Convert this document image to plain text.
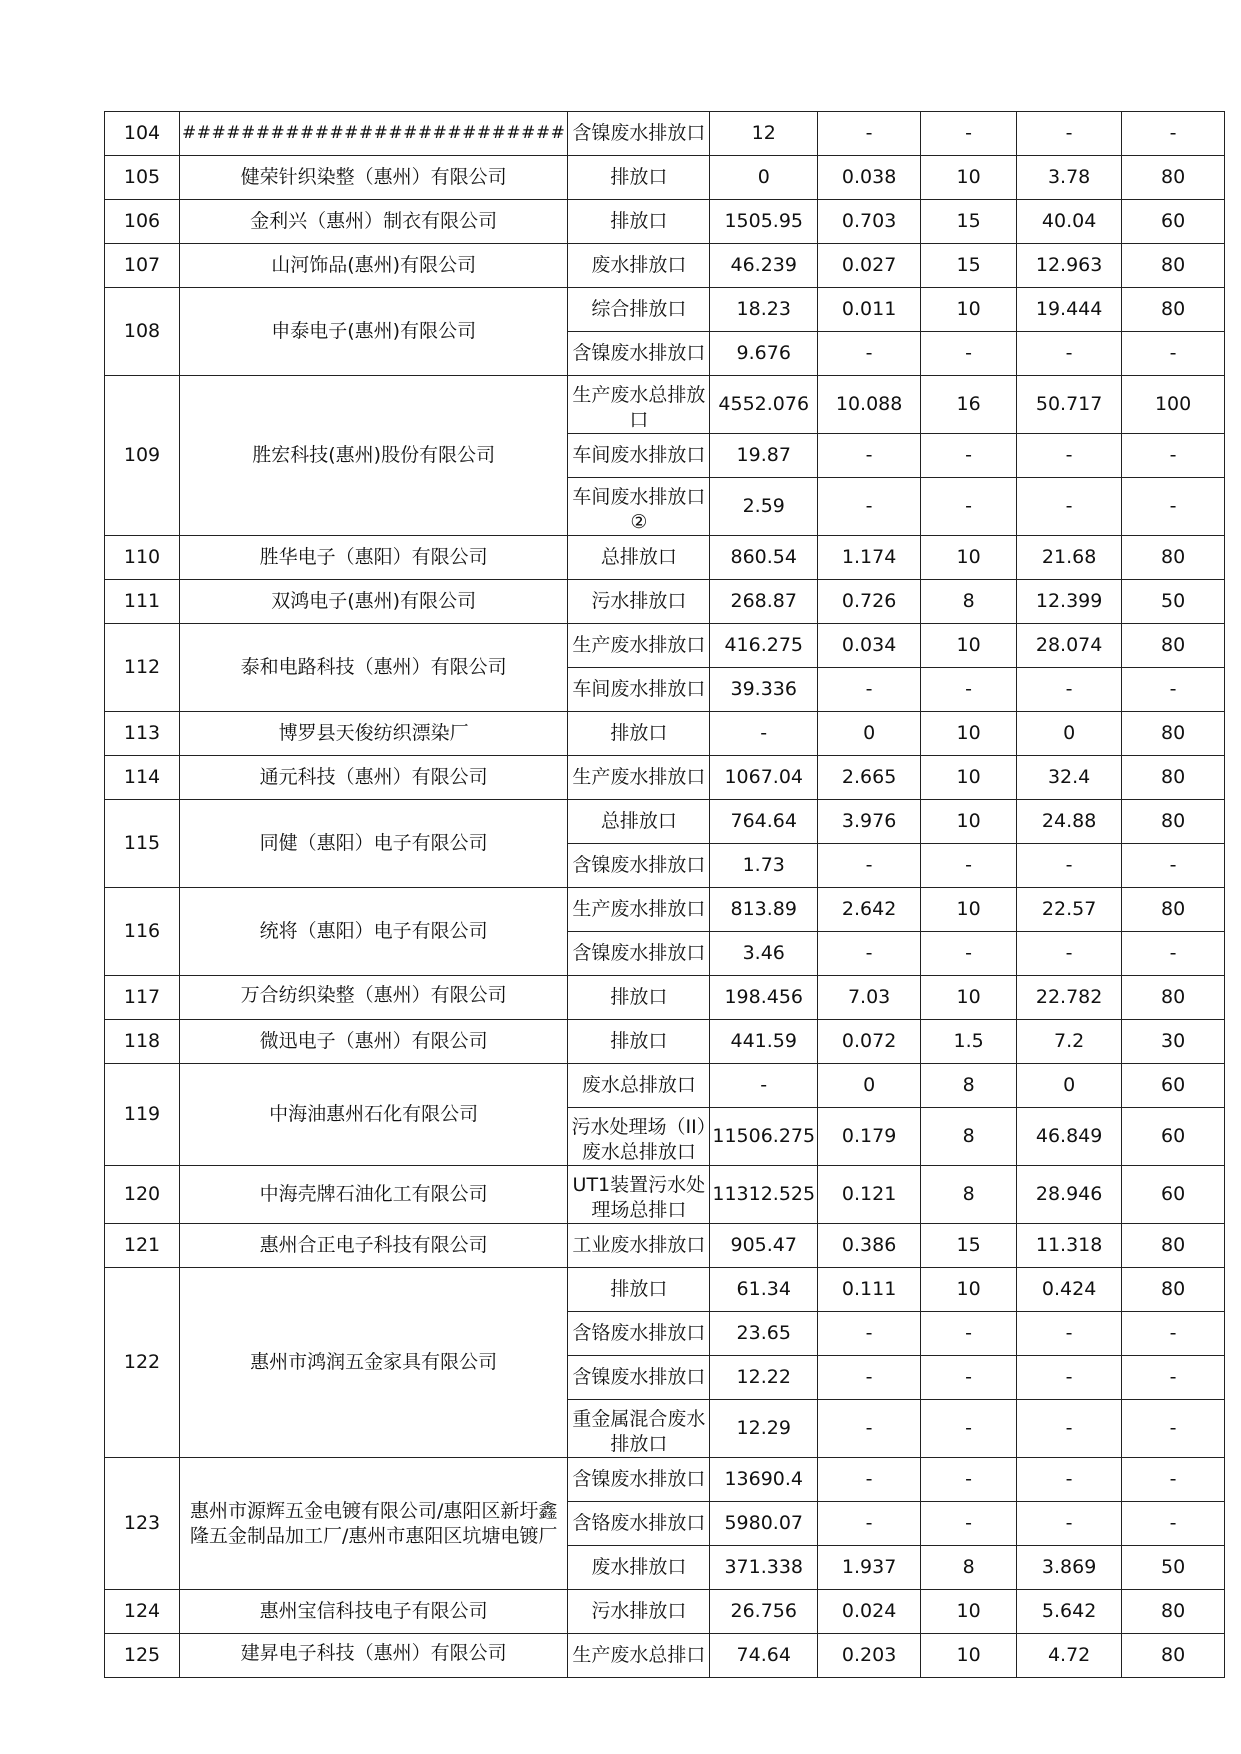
104	##########################	含镍废水排放口	12	-	-	-	-
105	健荣针织染整（惠州）有限公司	排放口	0	0.038	10	3.78	80
106	金利兴（惠州）制衣有限公司	排放口	1505.95	0.703	15	40.04	60
107	山河饰品(惠州)有限公司	废水排放口	46.239	0.027	15	12.963	80
108	申泰电子(惠州)有限公司	综合排放口	18.23	0.011	10	19.444	80
		含镍废水排放口	9.676	-	-	-	-
109	胜宏科技(惠州)股份有限公司	生产废水总排放口	4552.076	10.088	16	50.717	100
		车间废水排放口	19.87	-	-	-	-
		车间废水排放口②	2.59	-	-	-	-
110	胜华电子（惠阳）有限公司	总排放口	860.54	1.174	10	21.68	80
111	双鸿电子(惠州)有限公司	污水排放口	268.87	0.726	8	12.399	50
112	泰和电路科技（惠州）有限公司	生产废水排放口	416.275	0.034	10	28.074	80
		车间废水排放口	39.336	-	-	-	-
113	博罗县天俊纺织漂染厂	排放口	-	0	10	0	80
114	通元科技（惠州）有限公司	生产废水排放口	1067.04	2.665	10	32.4	80
115	同健（惠阳）电子有限公司	总排放口	764.64	3.976	10	24.88	80
		含镍废水排放口	1.73	-	-	-	-
116	统将（惠阳）电子有限公司	生产废水排放口	813.89	2.642	10	22.57	80
		含镍废水排放口	3.46	-	-	-	-
117	万合纺织染整（惠州）有限公司	排放口	198.456	7.03	10	22.782	80
118	微迅电子（惠州）有限公司	排放口	441.59	0.072	1.5	7.2	30
119	中海油惠州石化有限公司	废水总排放口	-	0	8	0	60
		污水处理场（II）废水总排放口	11506.275	0.179	8	46.849	60
120	中海壳牌石油化工有限公司	UT1装置污水处理场总排口	11312.525	0.121	8	28.946	60
121	惠州合正电子科技有限公司	工业废水排放口	905.47	0.386	15	11.318	80
122	惠州市鸿润五金家具有限公司	排放口	61.34	0.111	10	0.424	80
		含铬废水排放口	23.65	-	-	-	-
		含镍废水排放口	12.22	-	-	-	-
		重金属混合废水排放口	12.29	-	-	-	-
123	惠州市源辉五金电镀有限公司/惠阳区新圩鑫隆五金制品加工厂/惠州市惠阳区坑塘电镀厂	含镍废水排放口	13690.4	-	-	-	-
		含铬废水排放口	5980.07	-	-	-	-
		废水排放口	371.338	1.937	8	3.869	50
124	惠州宝信科技电子有限公司	污水排放口	26.756	0.024	10	5.642	80
125	建昇电子科技（惠州）有限公司	生产废水总排口	74.64	0.203	10	4.72	80
